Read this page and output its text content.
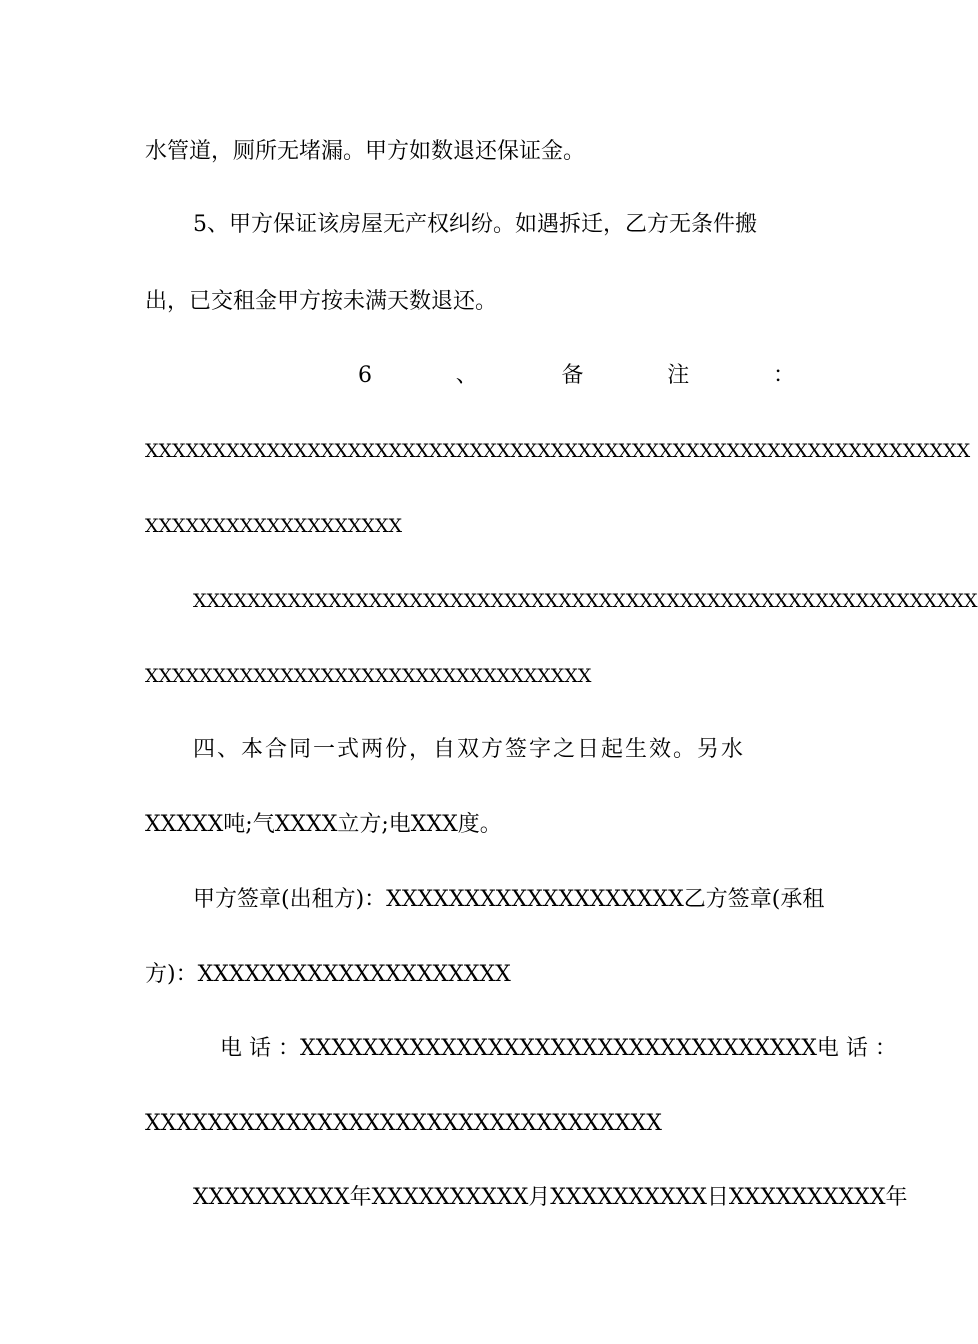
水管道，厕所无堵漏。甲方如数退还保证金。
5、甲方保证该房屋无产权纠纷。如遇拆迁，乙方无条件搬
出，已交租金甲方按未满天数退还。
6	、	备	注	：
XXXXXXXXXXXXXXXXXXXXXXXXXXXXXXXXXXXXXXXXXXXXXXXXXXXXXXXXXXXXX
XXXXXXXXXXXXXXXXXXX
XXXXXXXXXXXXXXXXXXXXXXXXXXXXXXXXXXXXXXXXXXXXXXXXXXXXXXXXXX
XXXXXXXXXXXXXXXXXXXXXXXXXXXXXXXXX
四、本合同一式两份，自双方签字之日起生效。另水
XXXXX吨;气XXXX立方;电XXX度。
甲方签章(出租方)：XXXXXXXXXXXXXXXXXXX乙方签章(承租
方)：XXXXXXXXXXXXXXXXXXXX
电 话 ： XXXXXXXXXXXXXXXXXXXXXXXXXXXXXXXXX 电 话 ：
XXXXXXXXXXXXXXXXXXXXXXXXXXXXXXXXX
XXXXXXXXXX年XXXXXXXXXX月XXXXXXXXXX日XXXXXXXXXX年
